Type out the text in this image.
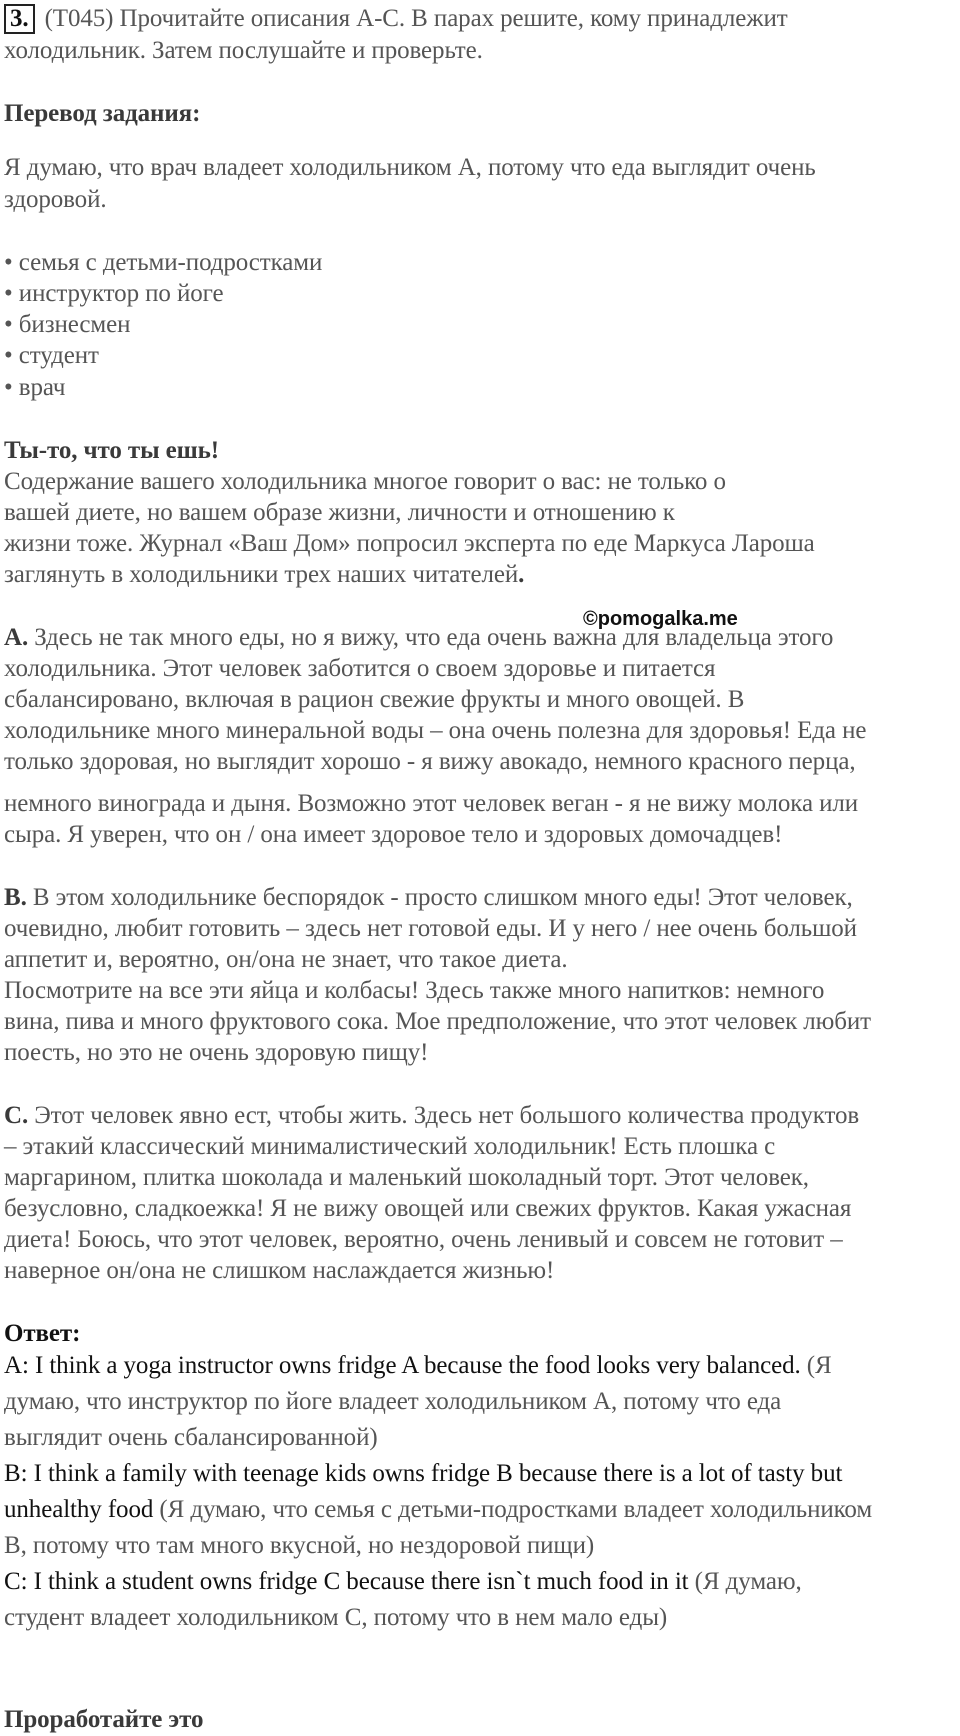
3. (T045) Прочитайте описания A-C. В парах решите, кому принадлежит
холодильник. Затем послушайте и проверьте.
Перевод задания:
Я думаю, что врач владеет холодильником А, потому что еда выглядит очень
здоровой.
• семья с детьми-подростками
• инструктор по йоге
• бизнесмен
• студент
• врач
Ты-то, что ты ешь!
Содержание вашего холодильника многое говорит о вас: не только о
вашей диете, но вашем образе жизни, личности и отношению к
жизни тоже. Журнал «Ваш Дом» попросил эксперта по еде Маркуса Лароша
заглянуть в холодильники трех наших читателей.
©pomogalka.me
A. Здесь не так много еды, но я вижу, что еда очень важна для владельца этого
холодильника. Этот человек заботится о своем здоровье и питается
сбалансировано, включая в рацион свежие фрукты и много овощей. В
холодильнике много минеральной воды – она очень полезна для здоровья! Еда не
только здоровая, но выглядит хорошо - я вижу авокадо, немного красного перца,
немного винограда и дыня. Возможно этот человек веган - я не вижу молока или
сыра. Я уверен, что он / она имеет здоровое тело и здоровых домочадцев!
B. В этом холодильнике беспорядок - просто слишком много еды! Этот человек,
очевидно, любит готовить – здесь нет готовой еды. И у него / нее очень большой
аппетит и, вероятно, он/она не знает, что такое диета.
Посмотрите на все эти яйца и колбасы! Здесь также много напитков: немного
вина, пива и много фруктового сока. Мое предположение, что этот человек любит
поесть, но это не очень здоровую пищу!
C. Этот человек явно ест, чтобы жить. Здесь нет большого количества продуктов
– этакий классический минималистический холодильник! Есть плошка с
маргарином, плитка шоколада и маленький шоколадный торт. Этот человек,
безусловно, сладкоежка! Я не вижу овощей или свежих фруктов. Какая ужасная
диета! Боюсь, что этот человек, вероятно, очень ленивый и совсем не готовит –
наверное он/она не слишком наслаждается жизнью!
Ответ:
A: I think a yoga instructor owns fridge A because the food looks very balanced. (Я
думаю, что инструктор по йоге владеет холодильником А, потому что еда
выглядит очень сбалансированной)
B: I think a family with teenage kids owns fridge B because there is a lot of tasty but
unhealthy food (Я думаю, что семья с детьми-подростками владеет холодильником
В, потому что там много вкусной, но нездоровой пищи)
C: I think a student owns fridge C because there isn`t much food in it (Я думаю,
студент владеет холодильником С, потому что в нем мало еды)
Проработайте это
